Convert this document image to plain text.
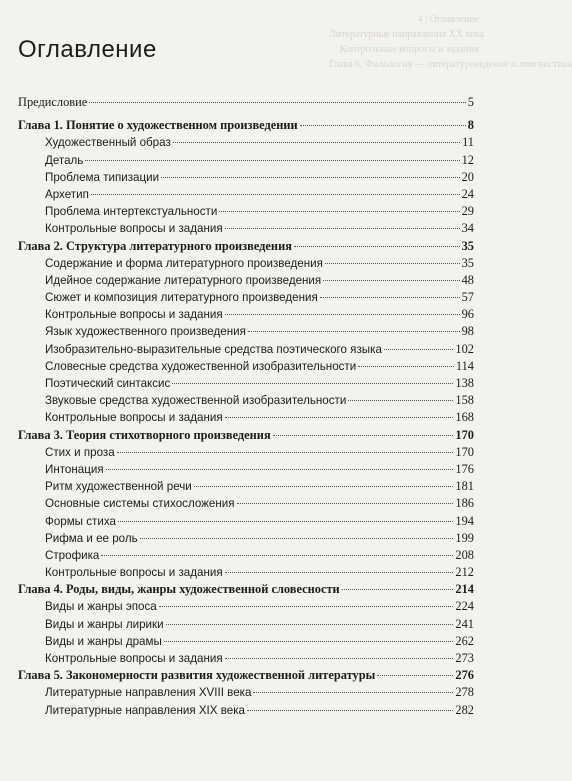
4 | Оглавление
Литературные направления XX века
Контрольные вопросы и задания
Глава 6. Филология — литературоведение и лингвистика
Оглавление
Предисловие	5
Глава 1. Понятие о художественном произведении	8
Художественный образ	11
Деталь	12
Проблема типизации	20
Архетип	24
Проблема интертекстуальности	29
Контрольные вопросы и задания	34
Глава 2. Структура литературного произведения	35
Содержание и форма литературного произведения	35
Идейное содержание литературного произведения	48
Сюжет и композиция литературного произведения	57
Контрольные вопросы и задания	96
Язык художественного произведения	98
Изобразительно-выразительные средства поэтического языка	102
Словесные средства художественной изобразительности	114
Поэтический синтаксис	138
Звуковые средства художественной изобразительности	158
Контрольные вопросы и задания	168
Глава 3. Теория стихотворного произведения	170
Стих и проза	170
Интонация	176
Ритм художественной речи	181
Основные системы стихосложения	186
Формы стиха	194
Рифма и ее роль	199
Строфика	208
Контрольные вопросы и задания	212
Глава 4. Роды, виды, жанры художественной словесности	214
Виды и жанры эпоса	224
Виды и жанры лирики	241
Виды и жанры драмы	262
Контрольные вопросы и задания	273
Глава 5. Закономерности развития художественной литературы	276
Литературные направления XVIII века	278
Литературные направления XIX века	282
